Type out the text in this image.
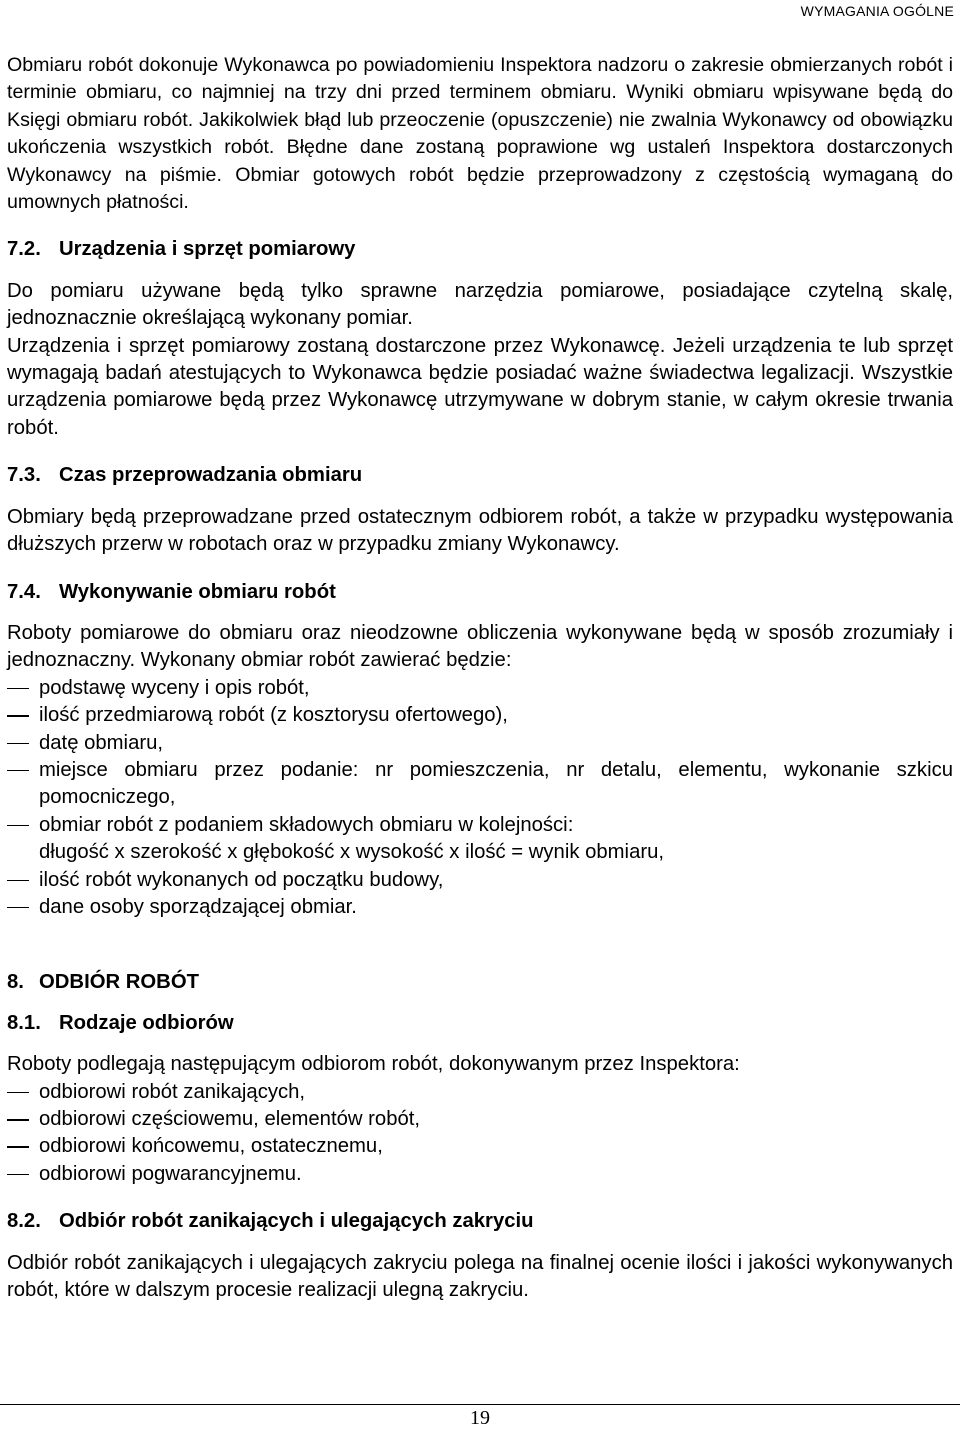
WYMAGANIA OGÓLNE

Obmiaru robót dokonuje Wykonawca po powiadomieniu Inspektora nadzoru o zakresie obmierzanych robót i terminie obmiaru, co najmniej na trzy dni przed terminem obmiaru. Wyniki obmiaru wpisywane będą do Księgi obmiaru robót. Jakikolwiek błąd lub przeoczenie (opuszczenie) nie zwalnia Wykonawcy od obowiązku ukończenia wszystkich robót. Błędne dane zostaną poprawione wg ustaleń Inspektora dostarczonych Wykonawcy na piśmie. Obmiar gotowych robót będzie przeprowadzony z częstością wymaganą do umownych płatności.

7.2. Urządzenia i sprzęt pomiarowy

Do pomiaru używane będą tylko sprawne narzędzia pomiarowe, posiadające czytelną skalę, jednoznacznie określającą wykonany pomiar.

Urządzenia i sprzęt pomiarowy zostaną dostarczone przez Wykonawcę. Jeżeli urządzenia te lub sprzęt wymagają badań atestujących to Wykonawca będzie posiadać ważne świadectwa legalizacji. Wszystkie urządzenia pomiarowe będą przez Wykonawcę utrzymywane w dobrym stanie, w całym okresie trwania robót.

7.3. Czas przeprowadzania obmiaru

Obmiary będą przeprowadzane przed ostatecznym odbiorem robót, a także w przypadku występowania dłuższych przerw w robotach oraz w przypadku zmiany Wykonawcy.

7.4. Wykonywanie obmiaru robót

Roboty pomiarowe do obmiaru oraz nieodzowne obliczenia wykonywane będą w sposób zrozumiały i jednoznaczny. Wykonany obmiar robót zawierać będzie:

podstawę wyceny i opis robót,
ilość przedmiarową robót (z kosztorysu ofertowego),
datę obmiaru,
miejsce obmiaru przez podanie: nr pomieszczenia, nr detalu, elementu, wykonanie szkicu pomocniczego,
obmiar robót z podaniem składowych obmiaru w kolejności:
długość x szerokość x głębokość x wysokość x ilość = wynik obmiaru,
ilość robót wykonanych od początku budowy,
dane osoby sporządzającej obmiar.
8. ODBIÓR ROBÓT
8.1. Rodzaje odbiorów

Roboty podlegają następującym odbiorom robót, dokonywanym przez Inspektora:

odbiorowi robót zanikających,
odbiorowi częściowemu, elementów robót,
odbiorowi końcowemu, ostatecznemu,
odbiorowi pogwarancyjnemu.
8.2. Odbiór robót zanikających i ulegających zakryciu

Odbiór robót zanikających i ulegających zakryciu polega na finalnej ocenie ilości i jakości wykonywanych robót, które w dalszym procesie realizacji ulegną zakryciu.

19
